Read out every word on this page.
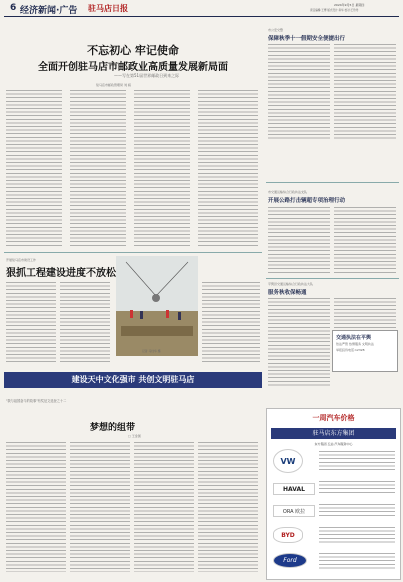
6 经济新闻·广告 驻马店日报	2024年9月5日 星期四
责任编辑:王博 版式设计:肖华 校对:王玲玲
不忘初心 牢记使命
全面开创驻马店市邮政业高质量发展新局面
——写在第51届世界邮政日到来之际
驻马店市邮政管理局 刘 娟
市公安交警
保障秋季十一假期安全便捷出行
市交通运输综合行政执法支队
开展公路打击辆超专项治理行动
平舆县交通运输综合行政执法大队
服务秋收保畅通
交通执法在平舆
依法严管 热情服务 文明执法
举报投诉电话:12328
开展驻马店市建设工作
狠抓工程建设进度不放松
记者 马柱华 摄
建设天中文化强市 共创文明驻马店
"我与祖国奋斗的故事"有奖征文选登之十二
梦想的组带
□ 王金国
一周汽车价格
驻马店东方集团
东方集团·五站·汽车服务中心
VW
HAVAL
ORA 欧拉
BYD
Ford
